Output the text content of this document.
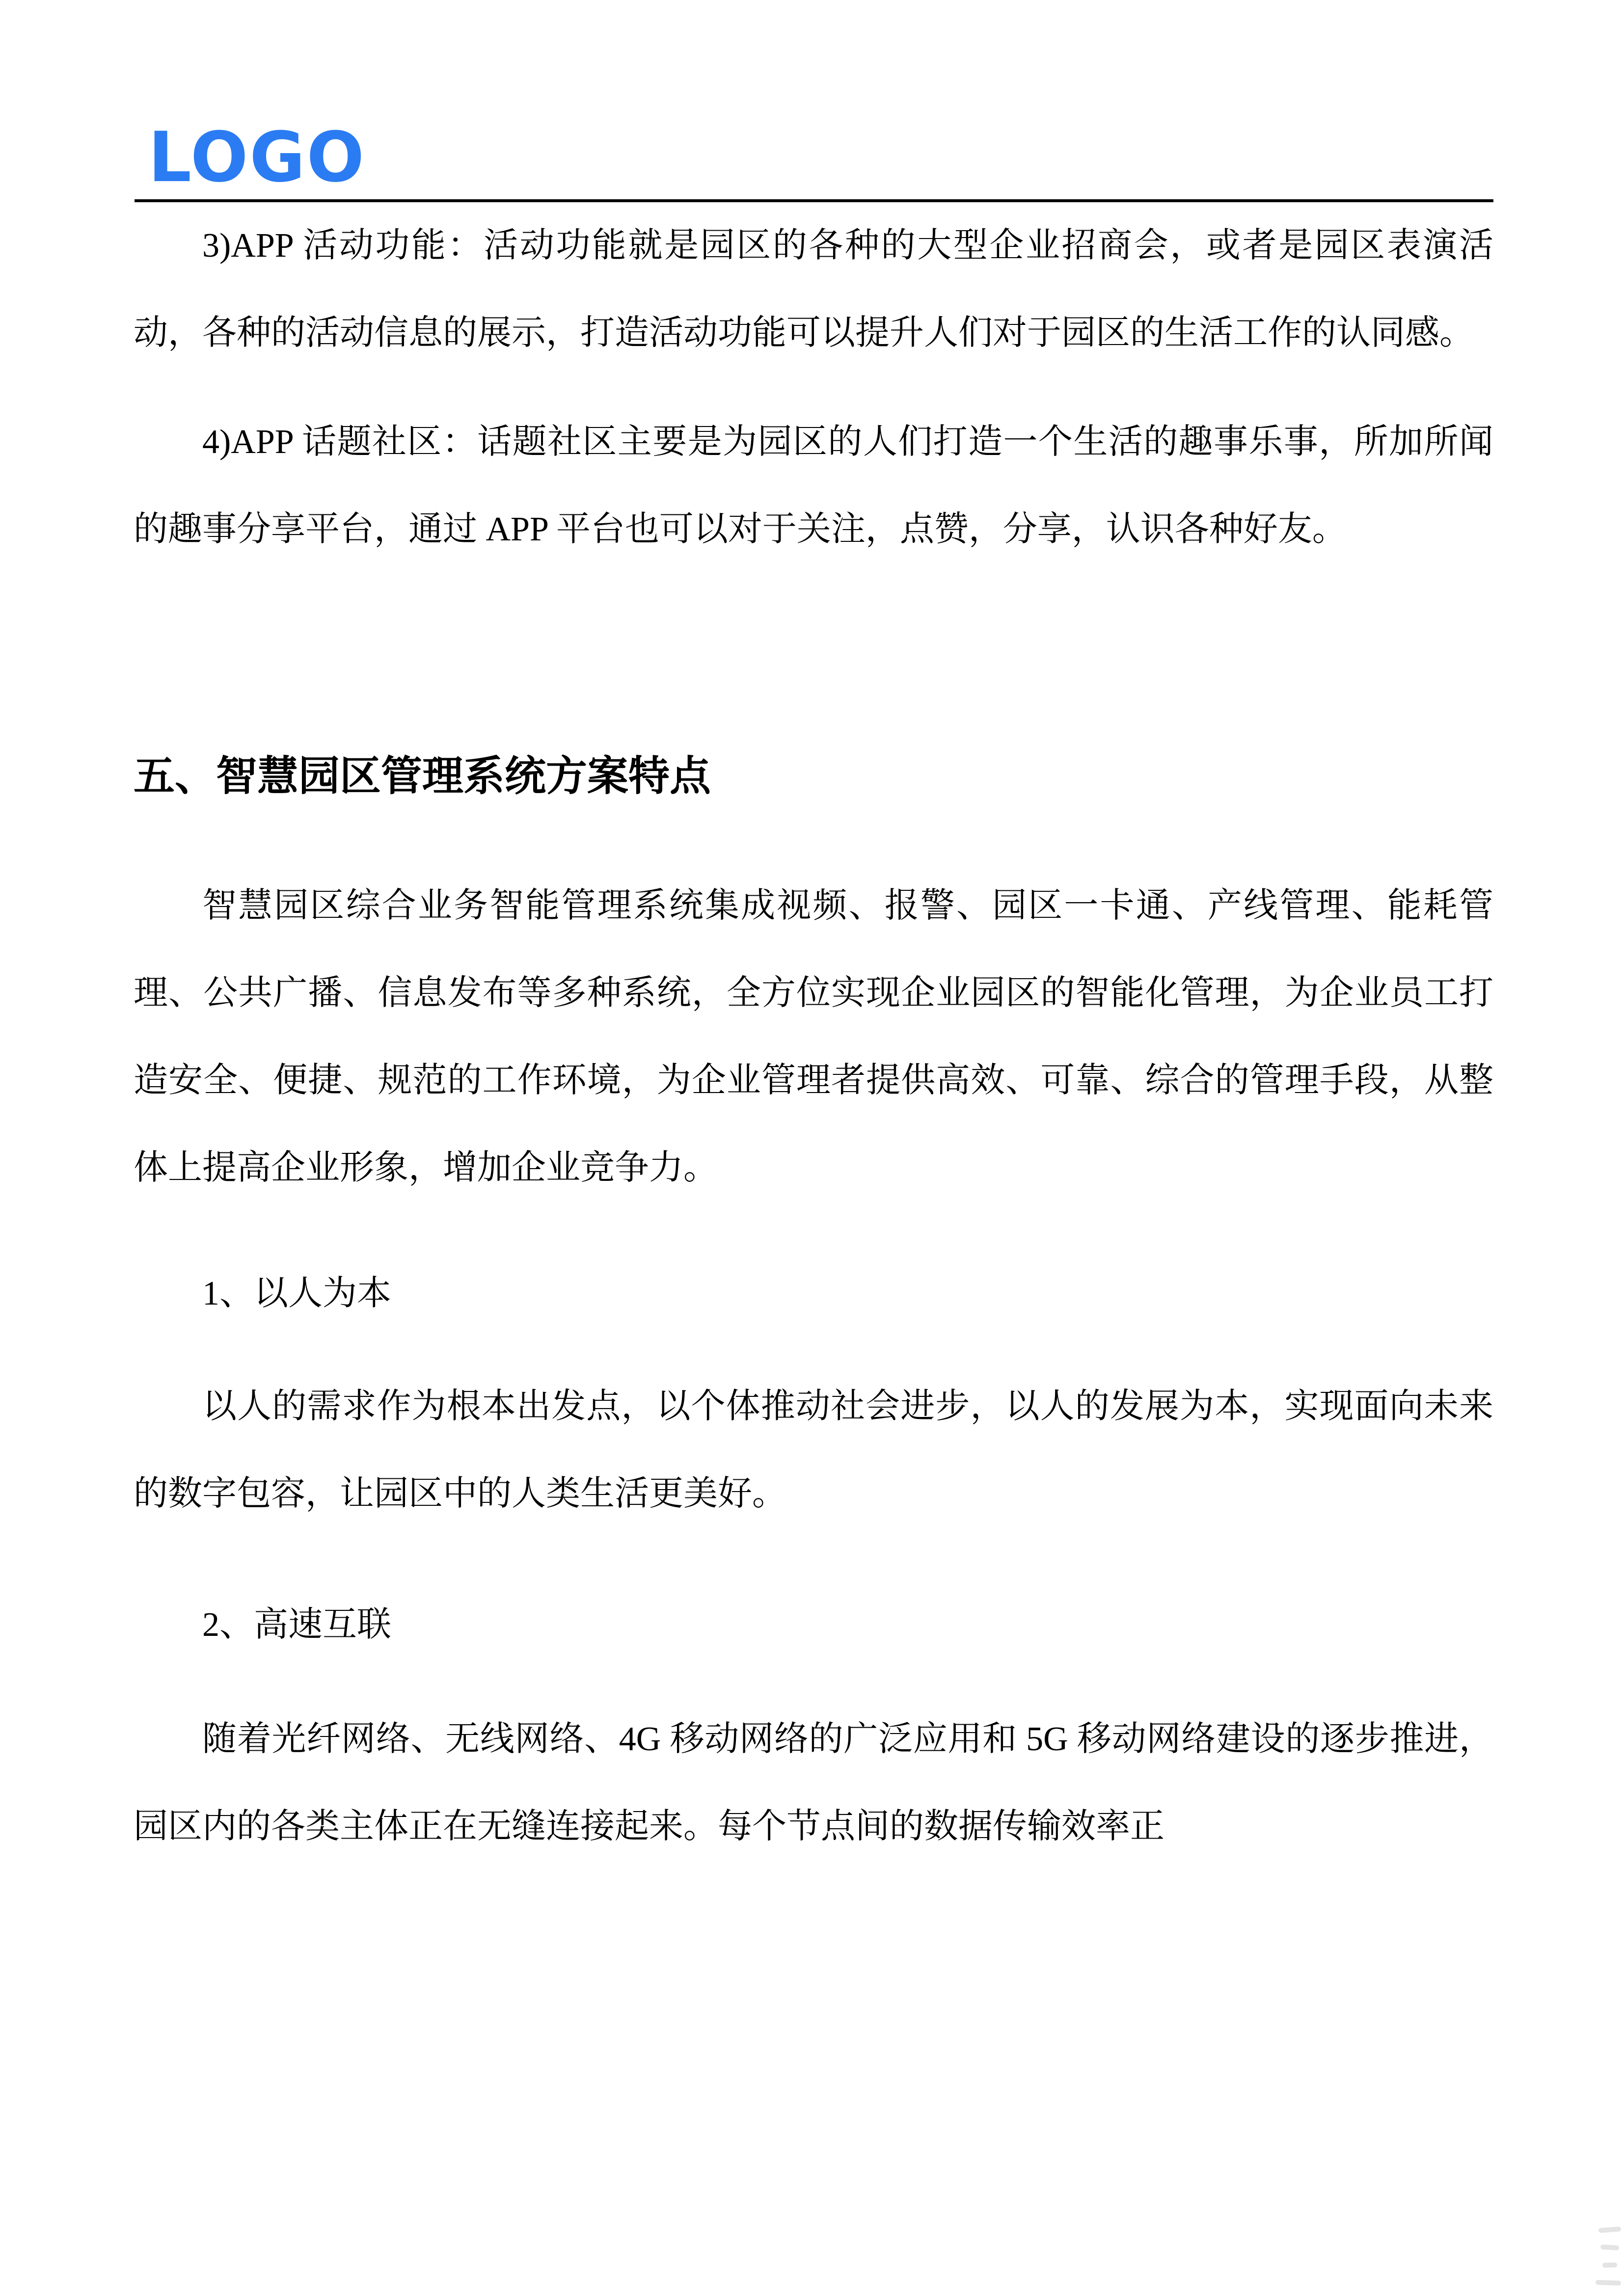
LOGO

3)APP 活动功能：活动功能就是园区的各种的大型企业招商会，或者是园区表演活动，各种的活动信息的展示，打造活动功能可以提升人们对于园区的生活工作的认同感。

4)APP 话题社区：话题社区主要是为园区的人们打造一个生活的趣事乐事，所加所闻的趣事分享平台，通过 APP 平台也可以对于关注，点赞，分享，认识各种好友。

五、智慧园区管理系统方案特点

智慧园区综合业务智能管理系统集成视频、报警、园区一卡通、产线管理、能耗管理、公共广播、信息发布等多种系统，全方位实现企业园区的智能化管理，为企业员工打造安全、便捷、规范的工作环境，为企业管理者提供高效、可靠、综合的管理手段，从整体上提高企业形象，增加企业竞争力。

1、以人为本

以人的需求作为根本出发点，以个体推动社会进步，以人的发展为本，实现面向未来的数字包容，让园区中的人类生活更美好。

2、高速互联

随着光纤网络、无线网络、4G 移动网络的广泛应用和 5G 移动网络建设的逐步推进，园区内的各类主体正在无缝连接起来。每个节点间的数据传输效率正
